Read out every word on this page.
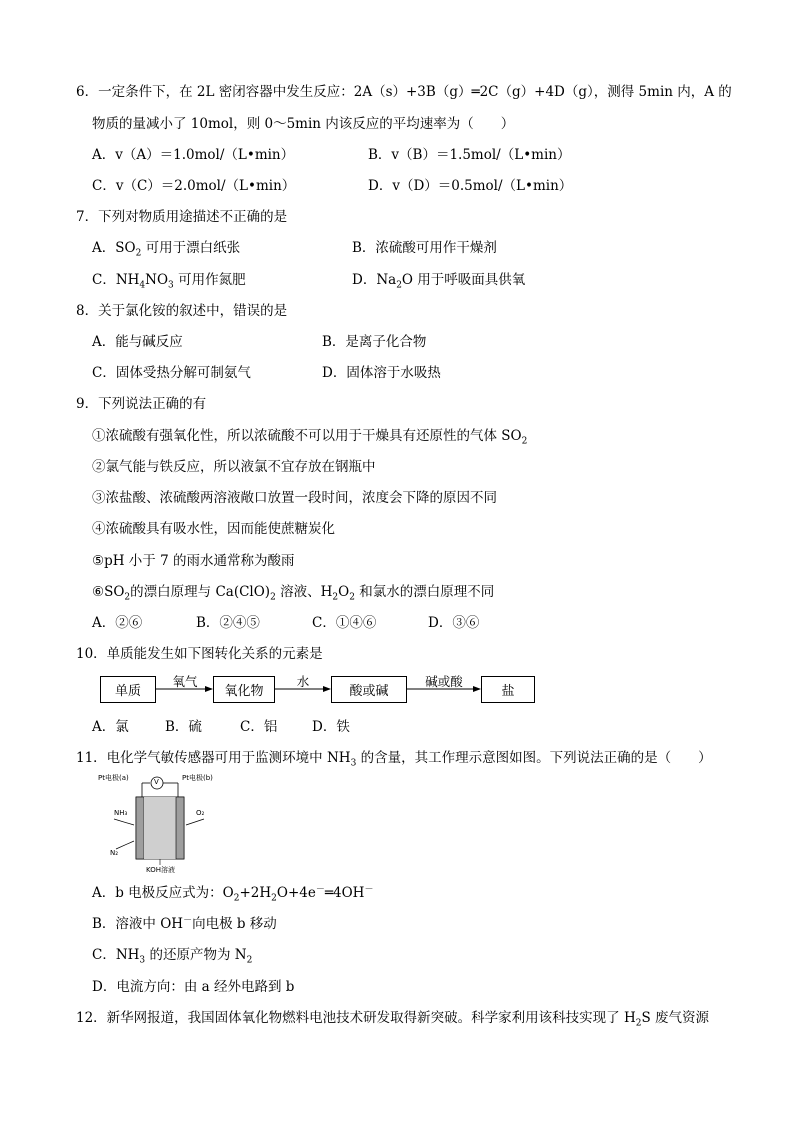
6．一定条件下，在 2L 密闭容器中发生反应：2A（s）+3B（g）═2C（g）+4D（g），测得 5min 内，A 的
物质的量减小了 10mol，则 0～5min 内该反应的平均速率为（　　）
A．v（A）＝1.0mol/（L•min）	B．v（B）＝1.5mol/（L•min）
C．v（C）＝2.0mol/（L•min）	D．v（D）＝0.5mol/（L•min）
7．下列对物质用途描述不正确的是
A．$SO_2$ 可用于漂白纸张	B．浓硫酸可用作干燥剂
C．$NH_4NO_3$ 可用作氮肥	D．$Na_2O$ 用于呼吸面具供氧
8．关于氯化铵的叙述中，错误的是
A．能与碱反应	B．是离子化合物
C．固体受热分解可制氨气	D．固体溶于水吸热
9．下列说法正确的有
①浓硫酸有强氧化性，所以浓硫酸不可以用于干燥具有还原性的气体 $SO_2$
②氯气能与铁反应，所以液氯不宜存放在钢瓶中
③浓盐酸、浓硫酸两溶液敞口放置一段时间，浓度会下降的原因不同
④浓硫酸具有吸水性，因而能使蔗糖炭化
⑤pH 小于 7 的雨水通常称为酸雨
$⑥SO_2$的漂白原理与 $Ca(ClO)_2$ 溶液、$H_2O_2$ 和氯水的漂白原理不同
A．②⑥	B．②④⑤	C．①④⑥	D．③⑥
10．单质能发生如下图转化关系的元素是
单质
氧气
氧化物
水
酸或碱
碱或酸
盐
A．氯	B．硫	C．铝	D．铁
11．电化学气敏传感器可用于监测环境中 $NH_3$ 的含量，其工作理示意图如图。下列说法正确的是（　　）
Pt电极(a)	Pt电极(b)
V
NH₃	O₂
N₂
KOH溶液
A．b 电极反应式为：$O_2+2H_2O+4e^-═4OH^-$
B．溶液中 OH－向电极 b 移动
C．$NH_3$ 的还原产物为 $N_2$
D．电流方向：由 a 经外电路到 b
12．新华网报道，我国固体氧化物燃料电池技术研发取得新突破。科学家利用该科技实现了 $H_2S$ 废气资源
